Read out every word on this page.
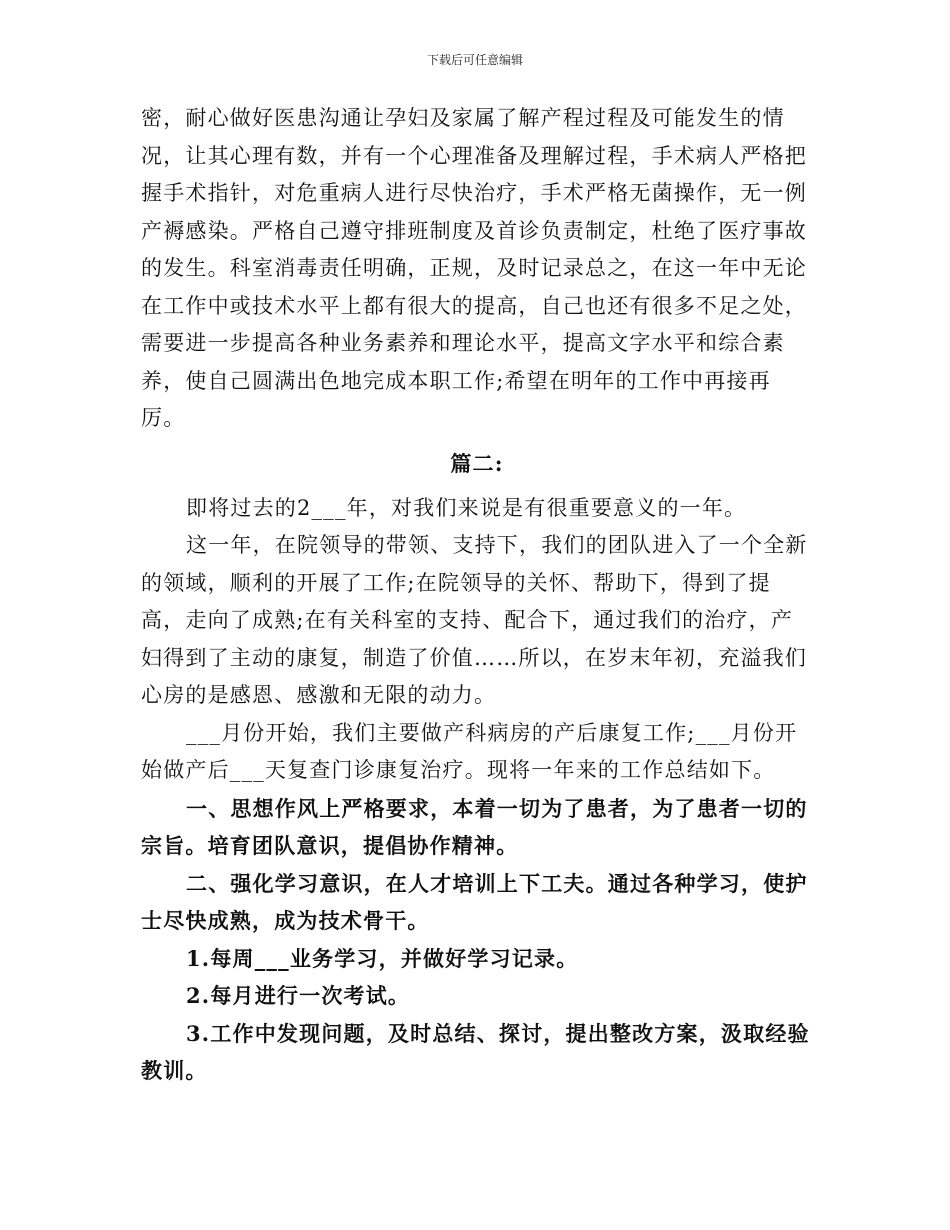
下载后可任意编辑

密，耐心做好医患沟通让孕妇及家属了解产程过程及可能发生的情况，让其心理有数，并有一个心理准备及理解过程，手术病人严格把握手术指针，对危重病人进行尽快治疗，手术严格无菌操作，无一例产褥感染。严格自己遵守排班制度及首诊负责制定，杜绝了医疗事故的发生。科室消毒责任明确，正规，及时记录总之，在这一年中无论在工作中或技术水平上都有很大的提高，自己也还有很多不足之处，需要进一步提高各种业务素养和理论水平，提高文字水平和综合素养，使自己圆满出色地完成本职工作;希望在明年的工作中再接再厉。

篇二:

即将过去的2___年，对我们来说是有很重要意义的一年。

这一年，在院领导的带领、支持下，我们的团队进入了一个全新的领域，顺利的开展了工作;在院领导的关怀、帮助下，得到了提高，走向了成熟;在有关科室的支持、配合下，通过我们的治疗，产妇得到了主动的康复，制造了价值……所以，在岁末年初，充溢我们心房的是感恩、感激和无限的动力。

___月份开始，我们主要做产科病房的产后康复工作;___月份开始做产后___天复查门诊康复治疗。现将一年来的工作总结如下。

一、思想作风上严格要求，本着一切为了患者，为了患者一切的宗旨。培育团队意识，提倡协作精神。

二、强化学习意识，在人才培训上下工夫。通过各种学习，使护士尽快成熟，成为技术骨干。

1.每周___业务学习，并做好学习记录。

2.每月进行一次考试。

3.工作中发现问题，及时总结、探讨，提出整改方案，汲取经验教训。
